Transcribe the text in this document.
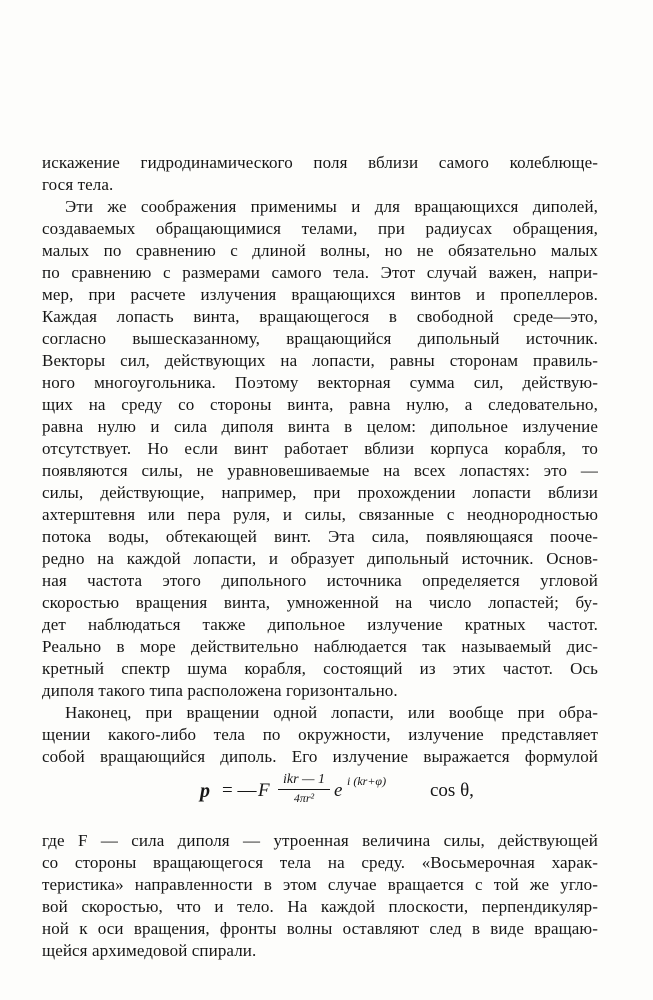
искажение гидродинамического поля вблизи самого колеблюще-
гося тела.
Эти же соображения применимы и для вращающихся диполей,
создаваемых обращающимися телами, при радиусах обращения,
малых по сравнению с длиной волны, но не обязательно малых
по сравнению с размерами самого тела. Этот случай важен, напри-
мер, при расчете излучения вращающихся винтов и пропеллеров.
Каждая лопасть винта, вращающегося в свободной среде—это,
согласно вышесказанному, вращающийся дипольный источник.
Векторы сил, действующих на лопасти, равны сторонам правиль-
ного многоугольника. Поэтому векторная сумма сил, действую-
щих на среду со стороны винта, равна нулю, а следовательно,
равна нулю и сила диполя винта в целом: дипольное излучение
отсутствует. Но если винт работает вблизи корпуса корабля, то
появляются силы, не уравновешиваемые на всех лопастях: это —
силы, действующие, например, при прохождении лопасти вблизи
ахтерштевня или пера руля, и силы, связанные с неоднородностью
потока воды, обтекающей винт. Эта сила, появляющаяся пооче-
редно на каждой лопасти, и образует дипольный источник. Основ-
ная частота этого дипольного источника определяется угловой
скоростью вращения винта, умноженной на число лопастей; бу-
дет наблюдаться также дипольное излучение кратных частот.
Реально в море действительно наблюдается так называемый дис-
кретный спектр шума корабля, состоящий из этих частот. Ось
диполя такого типа расположена горизонтально.
Наконец, при вращении одной лопасти, или вообще при обра-
щении какого-либо тела по окружности, излучение представляет
собой вращающийся диполь. Его излучение выражается формулой
p = — F
ikr — 1
4πr²	e i (kr+φ) cos θ,
где F — сила диполя — утроенная величина силы, действующей
со стороны вращающегося тела на среду. «Восьмерочная харак-
теристика» направленности в этом случае вращается с той же угло-
вой скоростью, что и тело. На каждой плоскости, перпендикуляр-
ной к оси вращения, фронты волны оставляют след в виде вращаю-
щейся архимедовой спирали.
